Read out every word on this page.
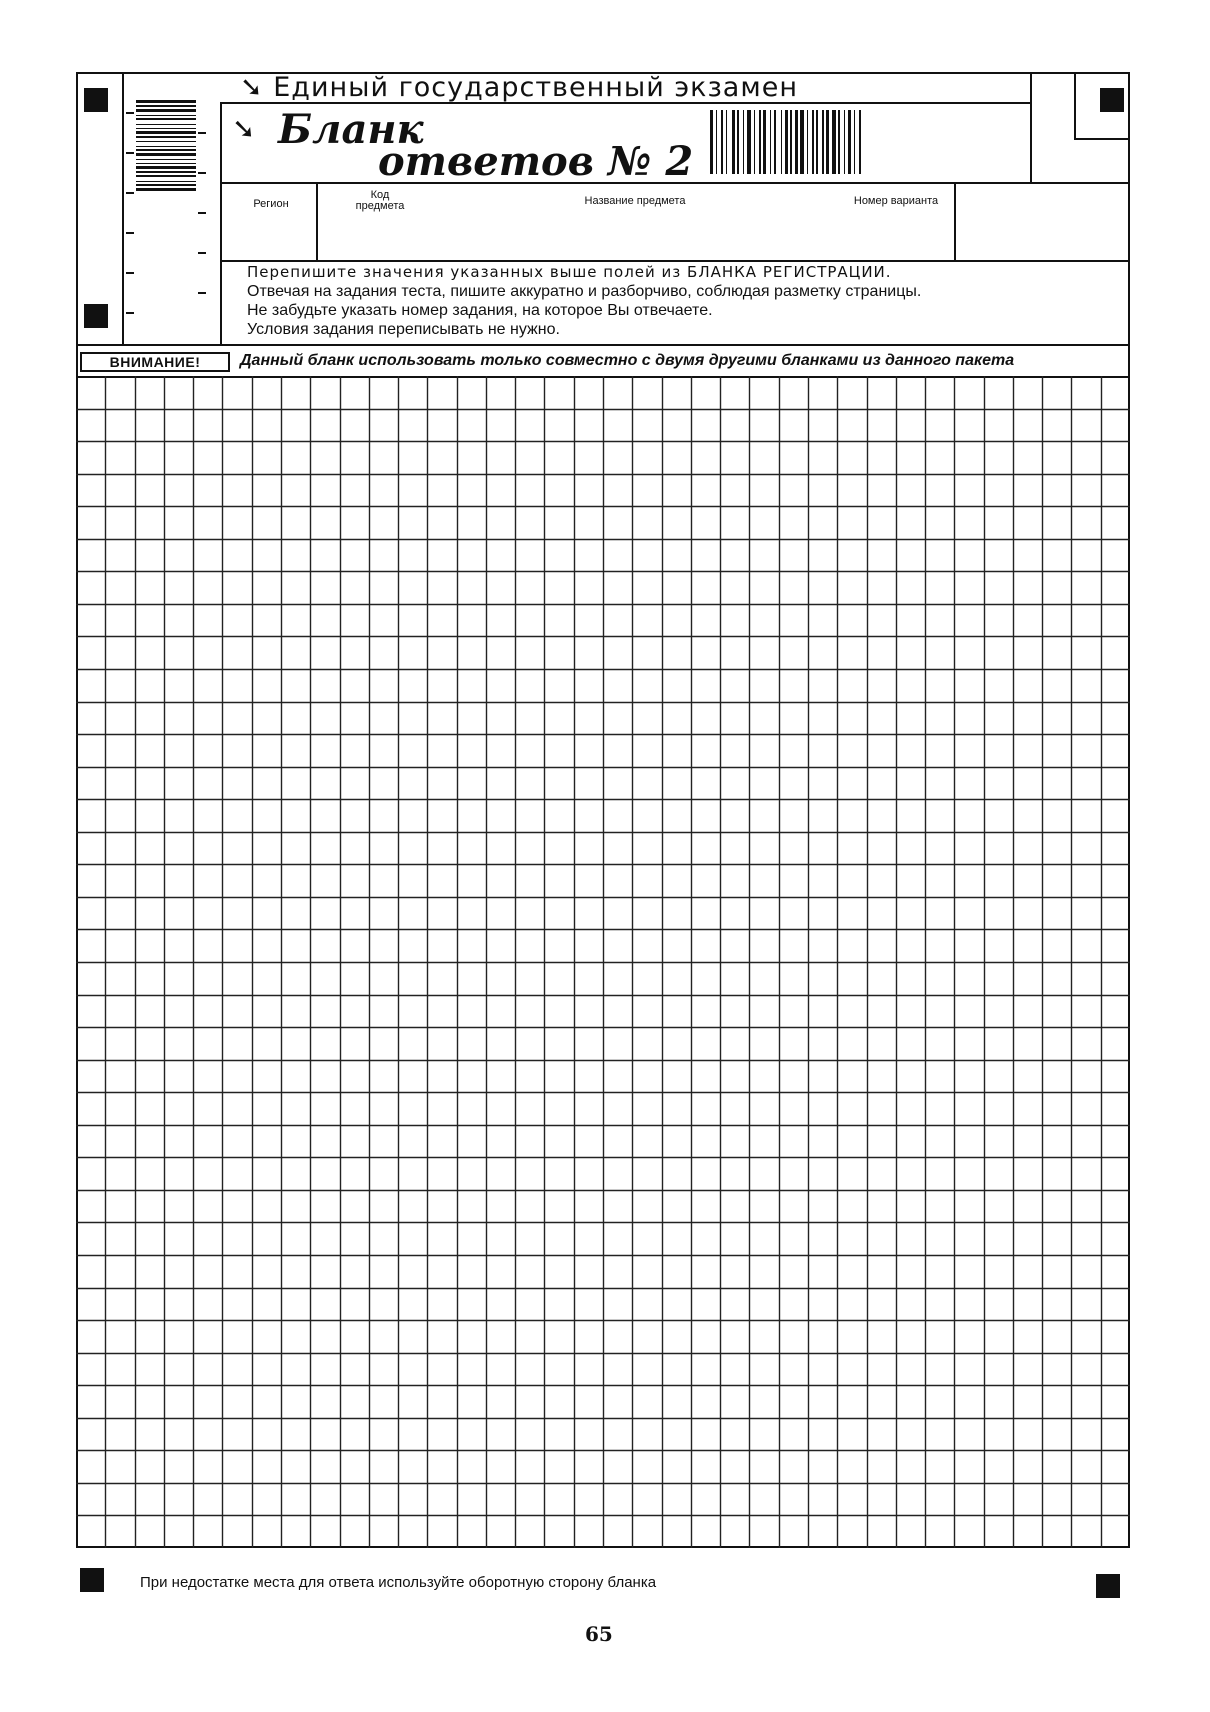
➘ Единый государственный экзамен
➘ Бланк
ответов № 2
Регион
Код
предмета	Название предмета	Номер варианта
Перепишите значения указанных выше полей из БЛАНКА РЕГИСТРАЦИИ.
Отвечая на задания теста, пишите аккуратно и разборчиво, соблюдая разметку страницы.
Не забудьте указать номер задания, на которое Вы отвечаете.
Условия задания переписывать не нужно.
ВНИМАНИЕ!	Данный бланк использовать только совместно с двумя другими бланками из данного пакета
При недостатке места для ответа используйте оборотную сторону бланка
65
